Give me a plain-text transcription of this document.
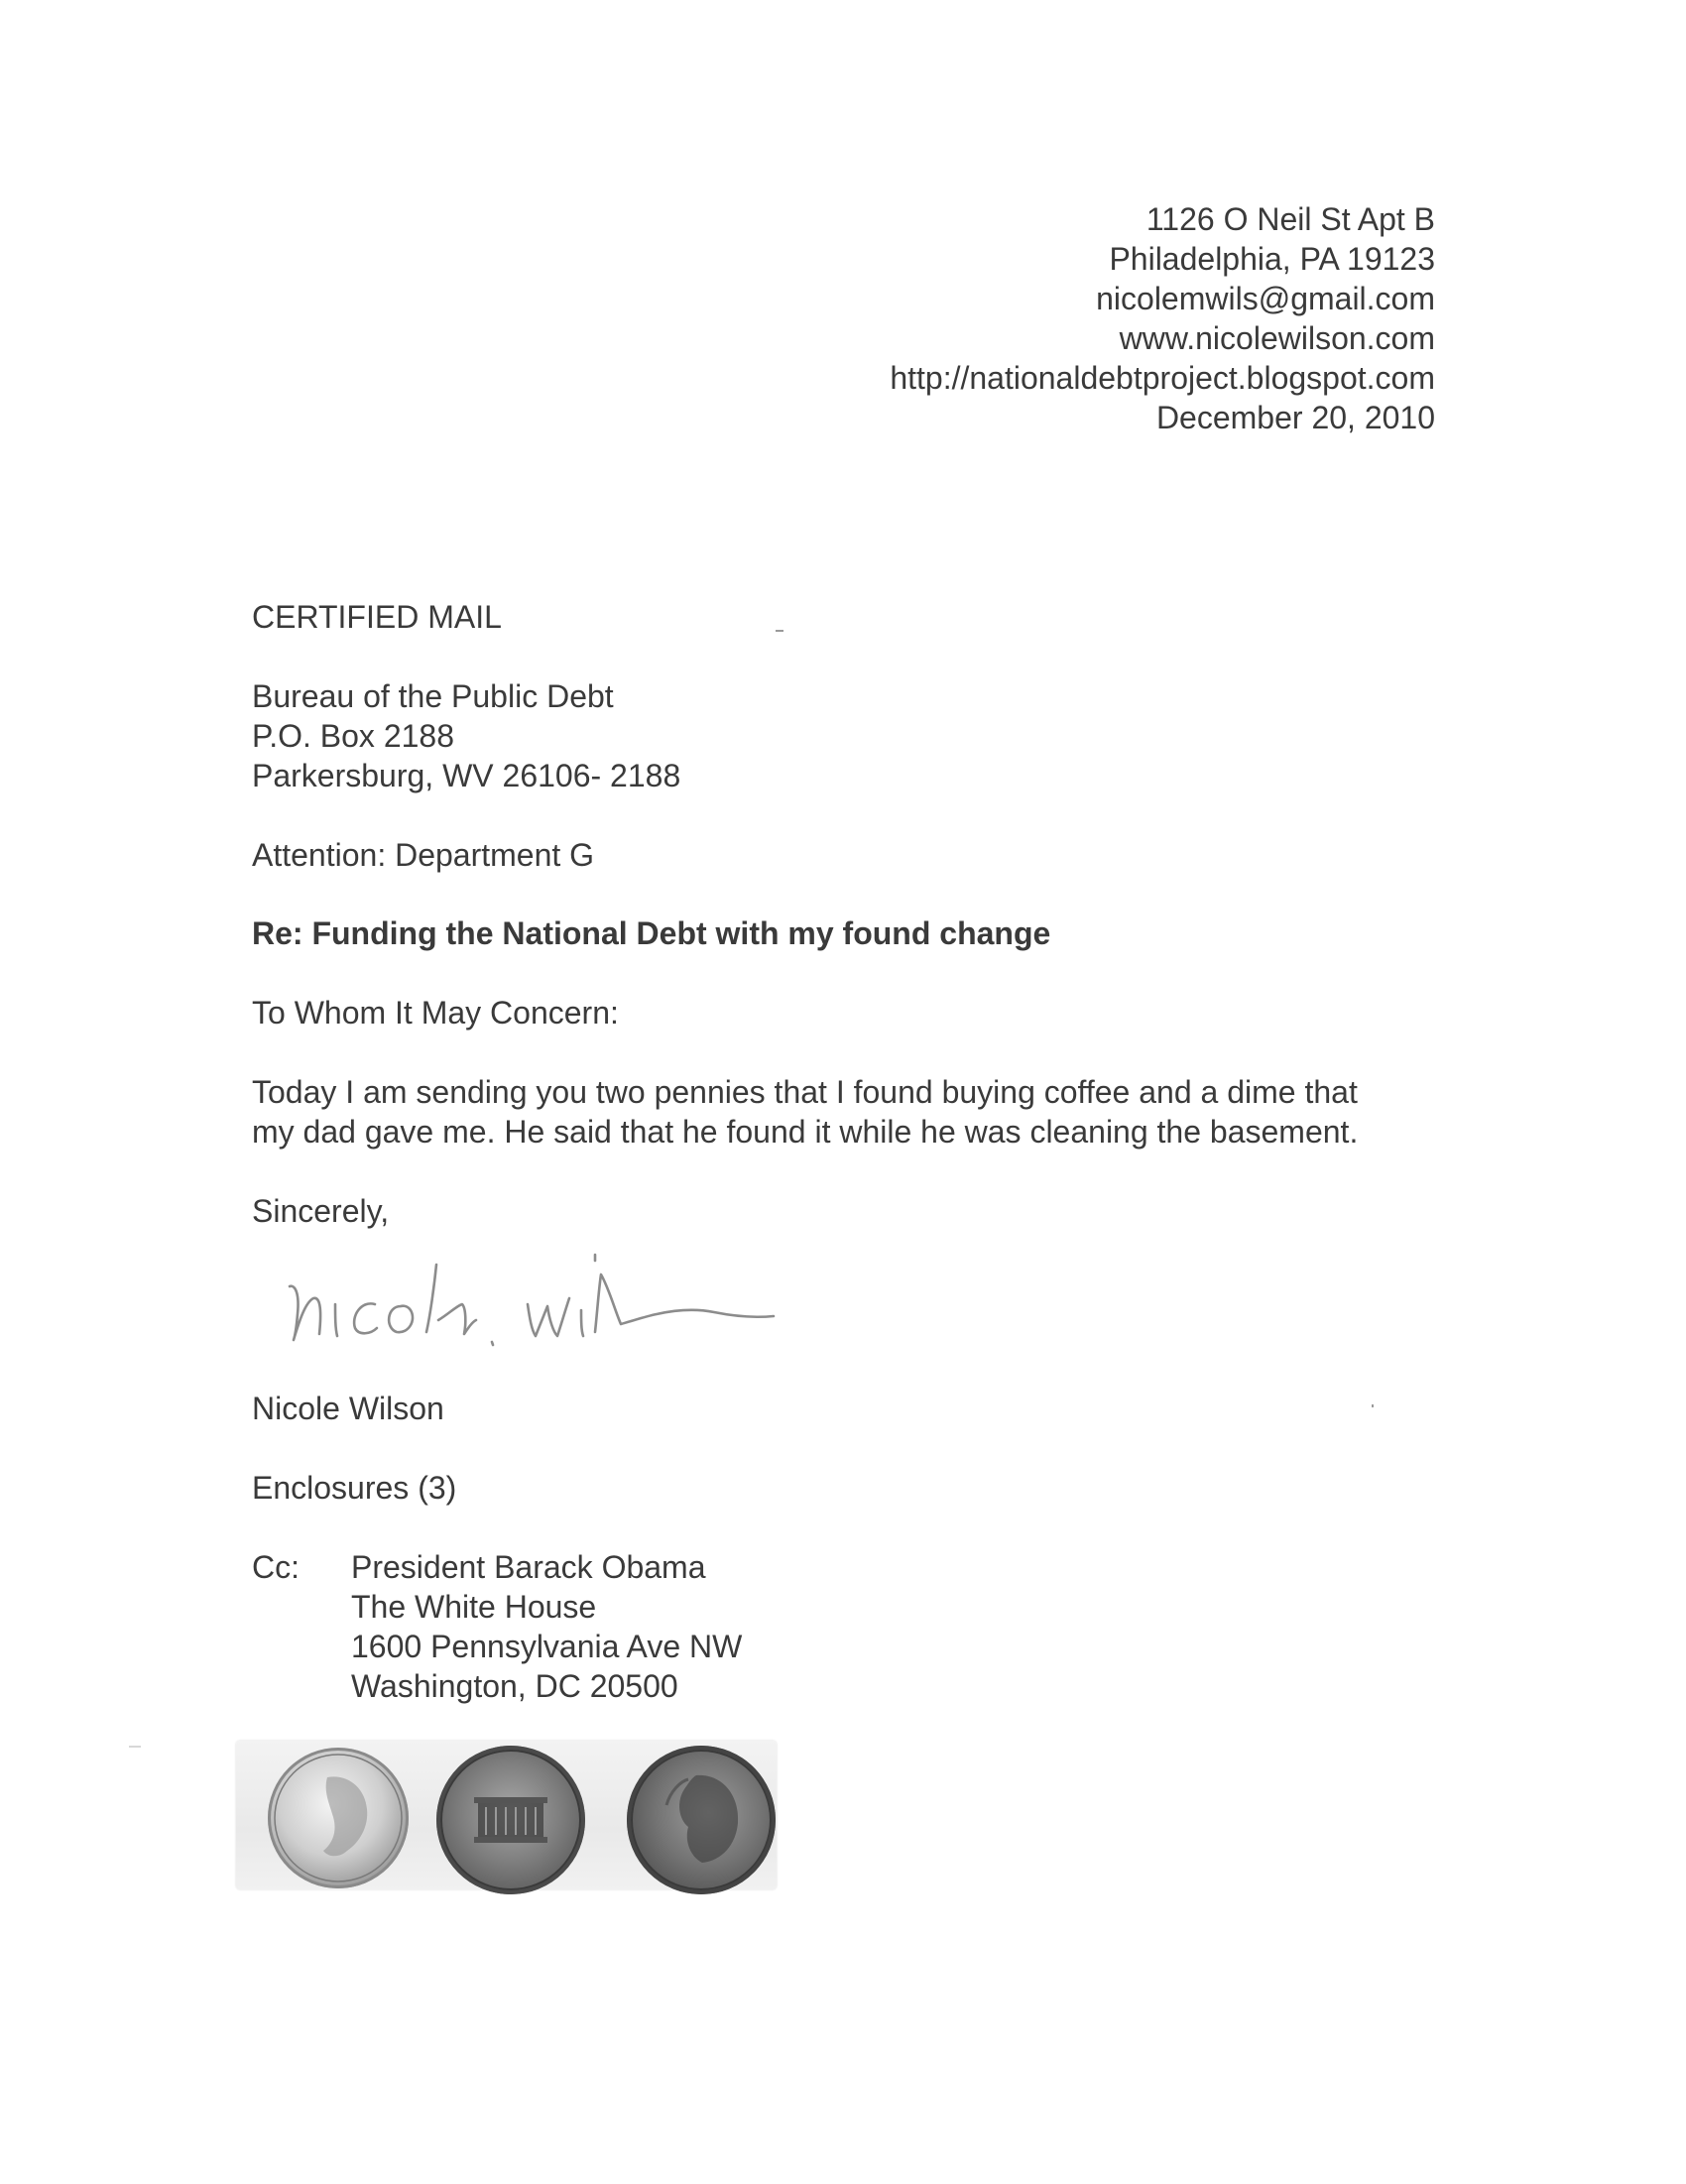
1126 O Neil St Apt B
Philadelphia, PA 19123
nicolemwils@gmail.com
www.nicolewilson.com
http://nationaldebtproject.blogspot.com
December 20, 2010
CERTIFIED MAIL
Bureau of the Public Debt
P.O. Box 2188
Parkersburg, WV 26106- 2188
Attention: Department G
Re: Funding the National Debt with my found change
To Whom It May Concern:
Today I am sending you two pennies that I found buying coffee and a dime that
my dad gave me. He said that he found it while he was cleaning the basement.
Sincerely,
Nicole Wilson
Enclosures (3)
Cc: President Barack Obama
The White House
1600 Pennsylvania Ave NW
Washington, DC 20500
